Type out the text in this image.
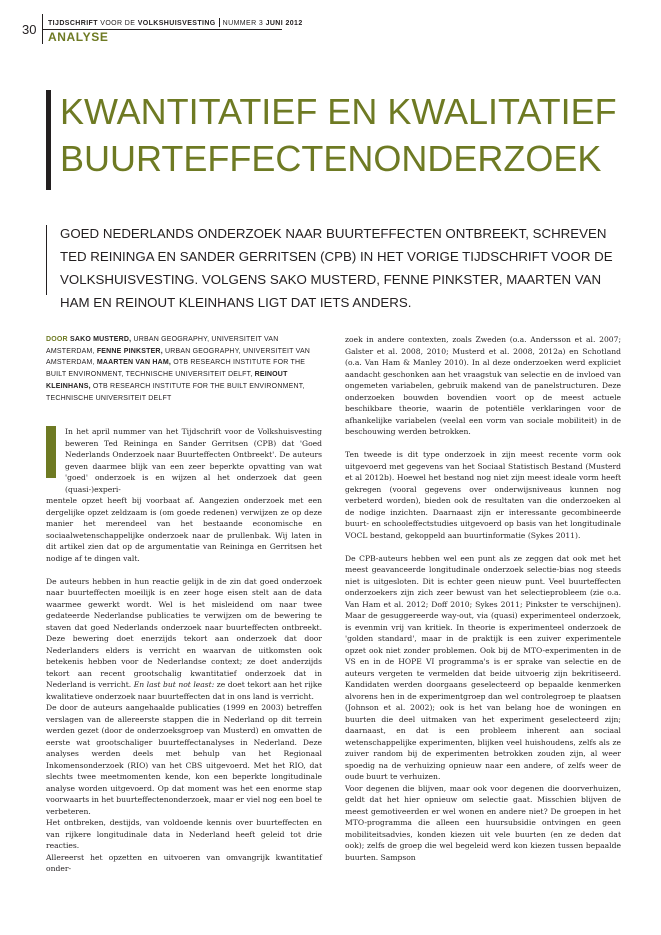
30 TIJDSCHRIFT VOOR DE VOLKSHUISVESTING NUMMER 3 JUNI 2012
ANALYSE
KWANTITATIEF EN KWALITATIEF
BUURTEFFECTENONDERZOEK
GOED NEDERLANDS ONDERZOEK NAAR BUURTEFFECTEN ONTBREEKT, SCHREVEN TED REININGA EN SANDER GERRITSEN (CPB) IN HET VORIGE TIJDSCHRIFT VOOR DE VOLKSHUISVESTING. VOLGENS SAKO MUSTERD, FENNE PINKSTER, MAARTEN VAN HAM EN REINOUT KLEINHANS LIGT DAT IETS ANDERS.

DOOR SAKO MUSTERD, URBAN GEOGRAPHY, UNIVERSITEIT VAN AMSTERDAM, FENNE PINKSTER, URBAN GEOGRAPHY, UNIVERSITEIT VAN AMSTERDAM, MAARTEN VAN HAM, OTB RESEARCH INSTITUTE FOR THE BUILT ENVIRONMENT, TECHNISCHE UNIVERSITEIT DELFT, REINOUT KLEINHANS, OTB RESEARCH INSTITUTE FOR THE BUILT ENVIRONMENT, TECHNISCHE UNIVERSITEIT DELFT

In het april nummer van het Tijdschrift voor de Volkshuisvesting beweren Ted Reininga en Sander Gerritsen (CPB) dat 'Goed Nederlands Onderzoek naar Buurteffecten Ontbreekt'. De auteurs geven daarmee blijk van een zeer beperkte opvatting van wat 'goed' onderzoek is en wijzen al het onderzoek dat geen (quasi-)experi-
mentele opzet heeft bij voorbaat af. Aangezien onderzoek met een dergelijke opzet zeldzaam is (om goede redenen) verwijzen ze op deze manier het merendeel van het bestaande economische en sociaalwetenschappelijke onderzoek naar de prullenbak. Wij laten in dit artikel zien dat op de argumentatie van Reininga en Gerritsen het nodige af te dingen valt.

De auteurs hebben in hun reactie gelijk in de zin dat goed onderzoek naar buurteffecten moeilijk is en zeer hoge eisen stelt aan de data waarmee gewerkt wordt. Wel is het misleidend om naar twee gedateerde Nederlandse publicaties te verwijzen om de bewering te staven dat goed Nederlands onderzoek naar buurteffecten ontbreekt. Deze bewering doet enerzijds tekort aan onderzoek dat door Nederlanders elders is verricht en waarvan de uitkomsten ook betekenis hebben voor de Nederlandse context; ze doet anderzijds tekort aan recent grootschalig kwantitatief onderzoek dat in Nederland is verricht. En last but not least: ze doet tekort aan het rijke kwalitatieve onderzoek naar buurteffecten dat in ons land is verricht.

De door de auteurs aangehaalde publicaties (1999 en 2003) betreffen verslagen van de allereerste stappen die in Nederland op dit terrein werden gezet (door de onderzoeksgroep van Musterd) en omvatten de eerste wat grootschaliger buurteffectanalyses in Nederland. Deze analyses werden deels met behulp van het Regionaal Inkomensonderzoek (RIO) van het CBS uitgevoerd. Met het RIO, dat slechts twee meetmomenten kende, kon een beperkte longitudinale analyse worden uitgevoerd. Op dat moment was het een enorme stap voorwaarts in het buurteffectenonderzoek, maar er viel nog een boel te verbeteren.

Het ontbreken, destijds, van voldoende kennis over buurteffecten en van rijkere longitudinale data in Nederland heeft geleid tot drie reacties.

Allereerst het opzetten en uitvoeren van omvangrijk kwantitatief onder-

zoek in andere contexten, zoals Zweden (o.a. Andersson et al. 2007; Galster et al. 2008, 2010; Musterd et al. 2008, 2012a) en Schotland (o.a. Van Ham & Manley 2010). In al deze onderzoeken werd expliciet aandacht geschonken aan het vraagstuk van selectie en de invloed van ongemeten variabelen, gebruik makend van de panelstructuren. Deze onderzoeken bouwden bovendien voort op de meest actuele beschikbare theorie, waarin de potentiële verklaringen voor de afhankelijke variabelen (veelal een vorm van sociale mobiliteit) in de beschouwing werden betrokken.

Ten tweede is dit type onderzoek in zijn meest recente vorm ook uitgevoerd met gegevens van het Sociaal Statistisch Bestand (Musterd et al 2012b). Hoewel het bestand nog niet zijn meest ideale vorm heeft gekregen (vooral gegevens over onderwijsniveaus kunnen nog verbeterd worden), bieden ook de resultaten van die onderzoeken al de nodige inzichten. Daarnaast zijn er interessante gecombineerde buurt- en schooleffectstudies uitgevoerd op basis van het longitudinale VOCL bestand, gekoppeld aan buurtinformatie (Sykes 2011).

De CPB-auteurs hebben wel een punt als ze zeggen dat ook met het meest geavanceerde longitudinale onderzoek selectie-bias nog steeds niet is uitgesloten. Dit is echter geen nieuw punt. Veel buurteffecten onderzoekers zijn zich zeer bewust van het selectieprobleem (zie o.a. Van Ham et al. 2012; Doff 2010; Sykes 2011; Pinkster te verschijnen). Maar de gesuggereerde way-out, via (quasi) experimenteel onderzoek, is evenmin vrij van kritiek. In theorie is experimenteel onderzoek de 'golden standard', maar in de praktijk is een zuiver experimentele opzet ook niet zonder problemen. Ook bij de MTO-experimenten in de VS en in de HOPE VI programma's is er sprake van selectie en de auteurs vergeten te vermelden dat beide uitvoerig zijn bekritiseerd. Kandidaten werden doorgaans geselecteerd op bepaalde kenmerken alvorens hen in de experimentgroep dan wel controlegroep te plaatsen (Johnson et al. 2002); ook is het van belang hoe de woningen en buurten die deel uitmaken van het experiment geselecteerd zijn; daarnaast, en dat is een probleem inherent aan sociaal wetenschappelijke experimenten, blijken veel huishoudens, zelfs als ze zuiver random bij de experimenten betrokken zouden zijn, al weer spoedig na de verhuizing opnieuw naar een andere, of zelfs weer de oude buurt te verhuizen.

Voor degenen die blijven, maar ook voor degenen die doorverhuizen, geldt dat het hier opnieuw om selectie gaat. Misschien blijven de meest gemotiveerden er wel wonen en andere niet? De groepen in het MTO-programma die alleen een huursubsidie ontvingen en geen mobiliteitsadvies, konden kiezen uit vele buurten (en ze deden dat ook); zelfs de groep die wel begeleid werd kon kiezen tussen bepaalde buurten. Sampson
